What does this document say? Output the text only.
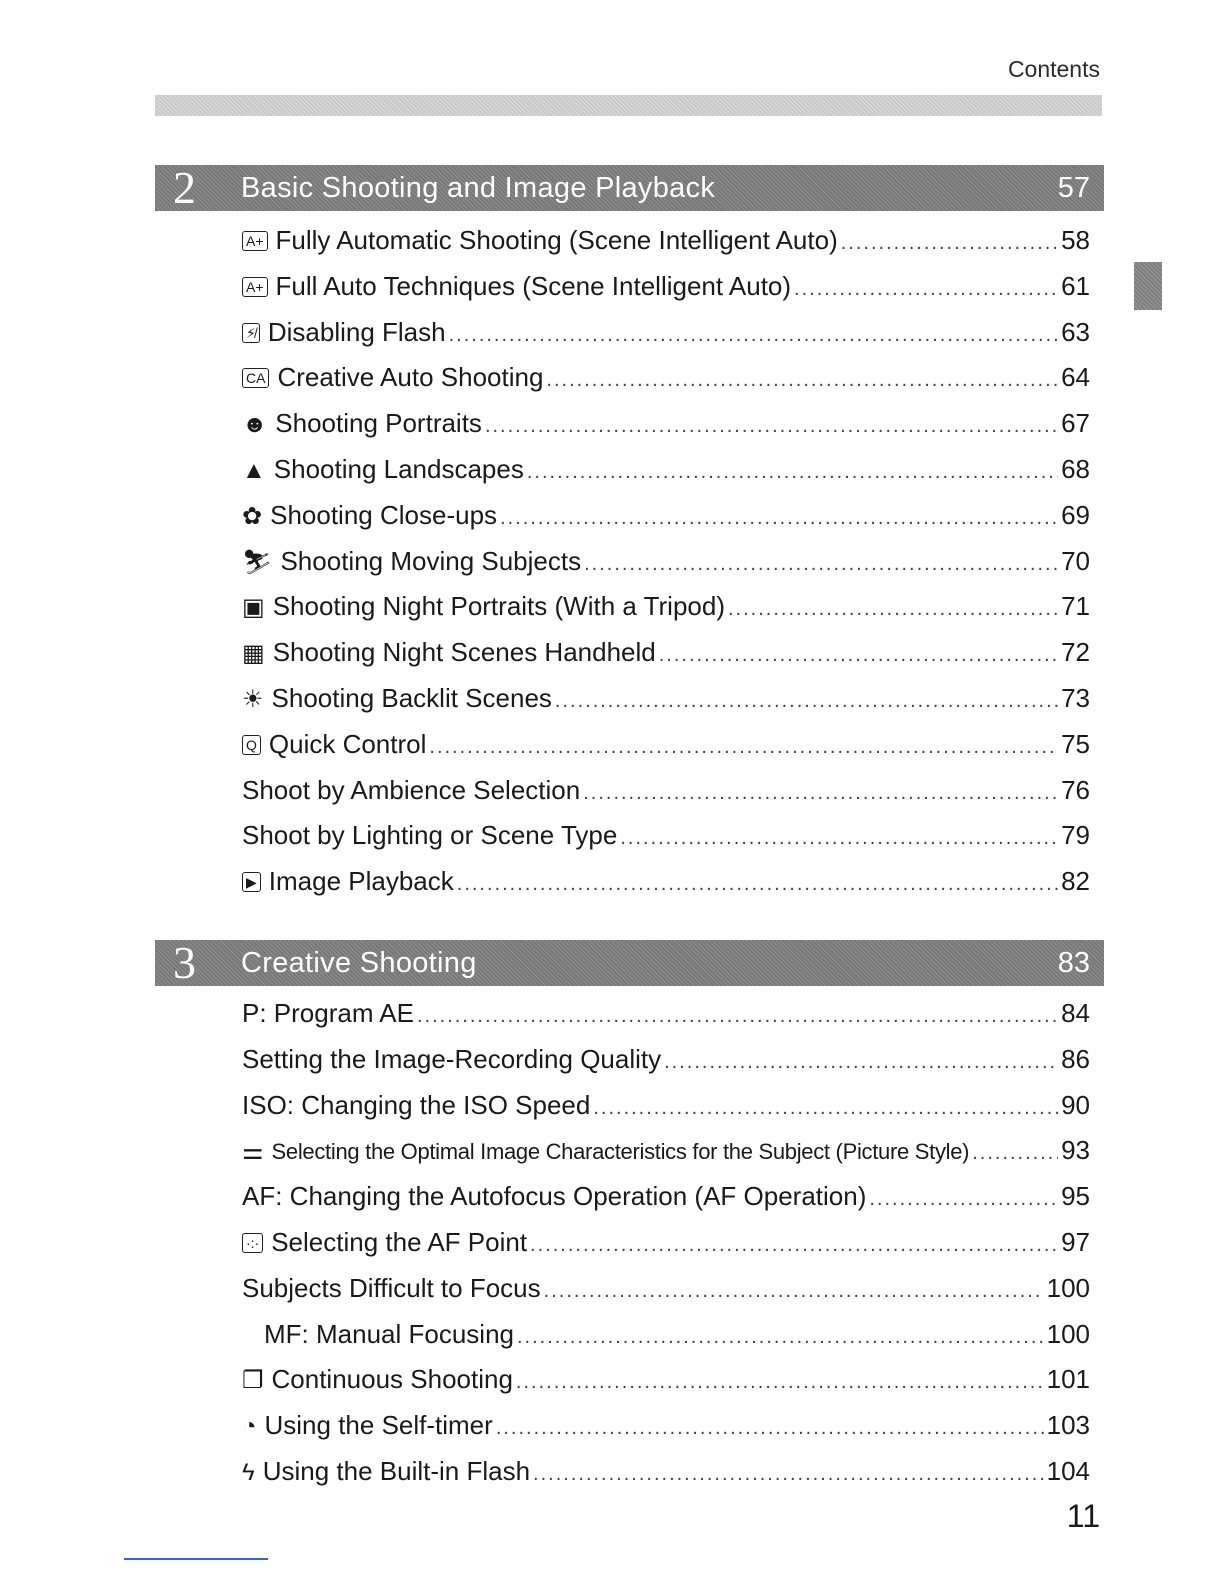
Contents
2 Basic Shooting and Image Playback	57
A+ Fully Automatic Shooting (Scene Intelligent Auto) .....	58
A+ Full Auto Techniques (Scene Intelligent Auto) .....	61
⚡̸ Disabling Flash .....	63
CA Creative Auto Shooting .....	64
☻ Shooting Portraits .....	67
▲ Shooting Landscapes .....	68
✿ Shooting Close-ups .....	69
⛷ Shooting Moving Subjects .....	70
▣ Shooting Night Portraits (With a Tripod) .....	71
▦ Shooting Night Scenes Handheld .....	72
☀ Shooting Backlit Scenes .....	73
Q Quick Control .....	75
Shoot by Ambience Selection .....	76
Shoot by Lighting or Scene Type .....	79
▶ Image Playback .....	82
3 Creative Shooting	83
P : Program AE .....	84
Setting the Image-Recording Quality .....	86
ISO : Changing the ISO Speed .....	90
⚌ Selecting the Optimal Image Characteristics for the Subject (Picture Style) .....	93
AF : Changing the Autofocus Operation (AF Operation) .....	95
·:· Selecting the AF Point .....	97
Subjects Difficult to Focus .....	100
MF: Manual Focusing .....	100
❐ Continuous Shooting .....	101
◔ Using the Self-timer .....	103
ϟ Using the Built-in Flash .....	104
11
